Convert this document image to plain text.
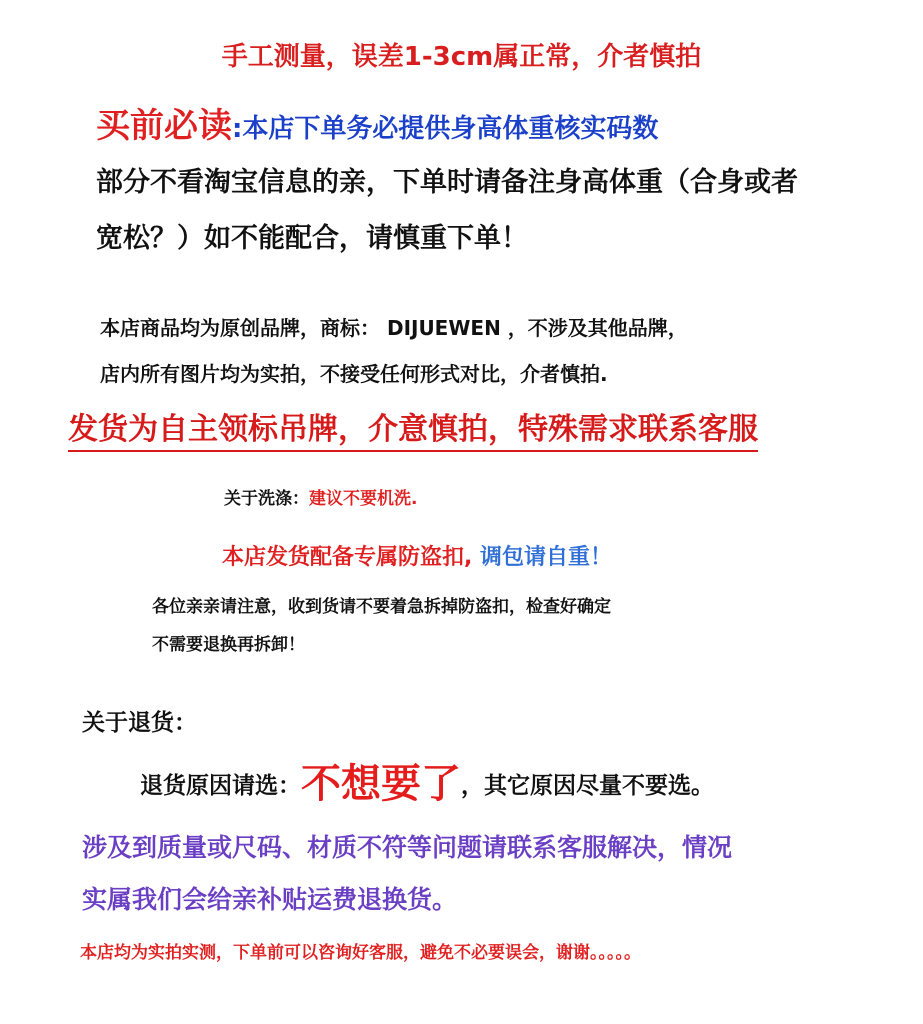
手工测量，误差1-3cm属正常，介者慎拍
买前必读:本店下单务必提供身高体重核实码数
部分不看淘宝信息的亲，下单时请备注身高体重（合身或者
宽松？）如不能配合，请慎重下单！
本店商品均为原创品牌，商标： DIJUEWEN ，不涉及其他品牌，
店内所有图片均为实拍，不接受任何形式对比，介者慎拍.
发货为自主领标吊牌，介意慎拍，特殊需求联系客服
关于洗涤：建议不要机洗.
本店发货配备专属防盗扣, 调包请自重！
各位亲亲请注意，收到货请不要着急拆掉防盗扣，检查好确定
不需要退换再拆卸！
关于退货：
退货原因请选：不想要了，其它原因尽量不要选。
涉及到质量或尺码、材质不符等问题请联系客服解决，情况
实属我们会给亲补贴运费退换货。
本店均为实拍实测，下单前可以咨询好客服，避免不必要误会，谢谢。。。。。
